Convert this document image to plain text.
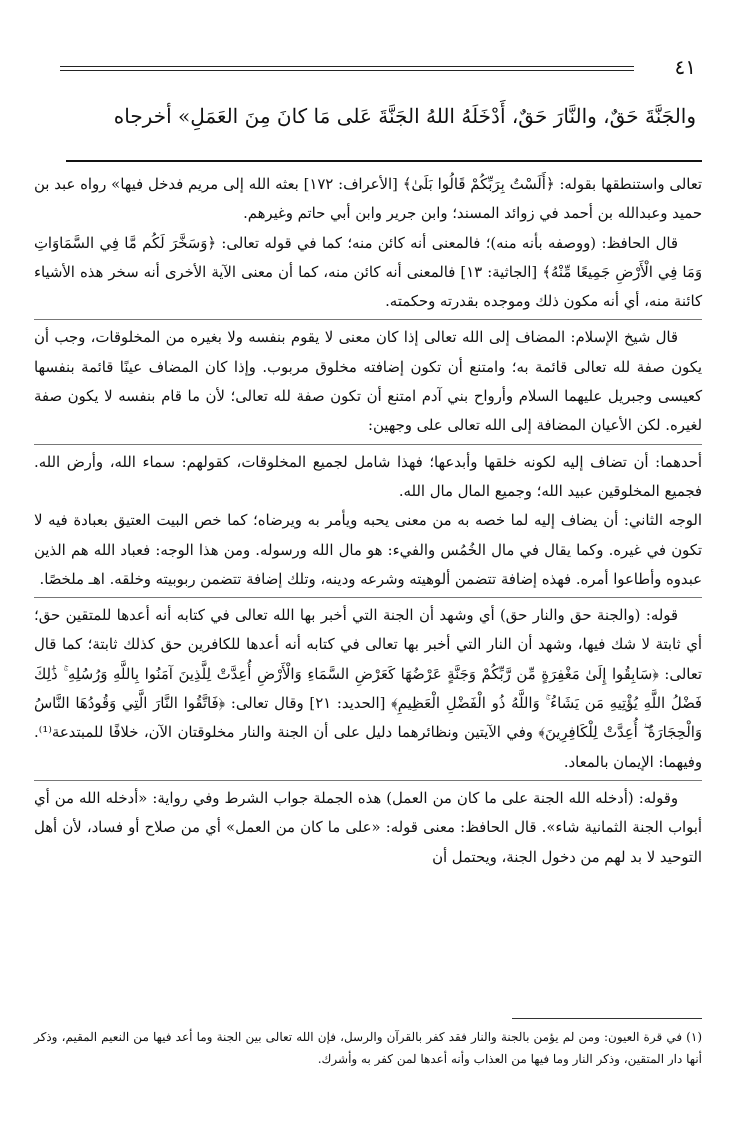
٤١
والجَنَّةَ حَقٌ، والنَّارَ حَقٌ، أَدْخَلَهُ اللهُ الجَنَّةَ عَلى مَا كانَ مِنَ العَمَلِ» أخرجاه

تعالى واستنطقها بقوله: ﴿أَلَسْتُ بِرَبِّكُمْ قَالُوا بَلَىٰ﴾ [الأعراف: ١٧٢] بعثه الله إلى مريم فدخل فيها» رواه عبد بن حميد وعبدالله بن أحمد في زوائد المسند؛ وابن جرير وابن أبي حاتم وغيرهم.

قال الحافظ: (ووصفه بأنه منه)؛ فالمعنى أنه كائن منه؛ كما في قوله تعالى: ﴿وَسَخَّرَ لَكُم مَّا فِي السَّمَاوَاتِ وَمَا فِي الْأَرْضِ جَمِيعًا مِّنْهُ﴾ [الجاثية: ١٣] فالمعنى أنه كائن منه، كما أن معنى الآية الأخرى أنه سخر هذه الأشياء كائنة منه، أي أنه مكون ذلك وموجده بقدرته وحكمته.

قال شيخ الإسلام: المضاف إلى الله تعالى إذا كان معنى لا يقوم بنفسه ولا بغيره من المخلوقات، وجب أن يكون صفة لله تعالى قائمة به؛ وامتنع أن تكون إضافته مخلوق مربوب. وإذا كان المضاف عينًا قائمة بنفسها كعيسى وجبريل عليهما السلام وأرواح بني آدم امتنع أن تكون صفة لله تعالى؛ لأن ما قام بنفسه لا يكون صفة لغيره. لكن الأعيان المضافة إلى الله تعالى على وجهين:

أحدهما: أن تضاف إليه لكونه خلقها وأبدعها؛ فهذا شامل لجميع المخلوقات، كقولهم: سماء الله، وأرض الله. فجميع المخلوقين عبيد الله؛ وجميع المال مال الله.

الوجه الثاني: أن يضاف إليه لما خصه به من معنى يحبه ويأمر به ويرضاه؛ كما خص البيت العتيق بعبادة فيه لا تكون في غيره. وكما يقال في مال الخُمُس والفيء: هو مال الله ورسوله. ومن هذا الوجه: فعباد الله هم الذين عبدوه وأطاعوا أمره. فهذه إضافة تتضمن ألوهيته وشرعه ودينه، وتلك إضافة تتضمن ربوبيته وخلقه. اهـ ملخصًا.

قوله: (والجنة حق والنار حق) أي وشهد أن الجنة التي أخبر بها الله تعالى في كتابه أنه أعدها للمتقين حق؛ أي ثابتة لا شك فيها، وشهد أن النار التي أخبر بها تعالى في كتابه أنه أعدها للكافرين حق كذلك ثابتة؛ كما قال تعالى: ﴿سَابِقُوا إِلَىٰ مَغْفِرَةٍ مِّن رَّبِّكُمْ وَجَنَّةٍ عَرْضُهَا كَعَرْضِ السَّمَاءِ وَالْأَرْضِ أُعِدَّتْ لِلَّذِينَ آمَنُوا بِاللَّهِ وَرُسُلِهِ ۚ ذَٰلِكَ فَضْلُ اللَّهِ يُؤْتِيهِ مَن يَشَاءُ ۚ وَاللَّهُ ذُو الْفَضْلِ الْعَظِيمِ﴾ [الحديد: ٢١] وقال تعالى: ﴿فَاتَّقُوا النَّارَ الَّتِي وَقُودُهَا النَّاسُ وَالْحِجَارَةُ ۖ أُعِدَّتْ لِلْكَافِرِينَ﴾ وفي الآيتين ونظائرهما دليل على أن الجنة والنار مخلوقتان الآن، خلافًا للمبتدعة⁽¹⁾. وفيهما: الإيمان بالمعاد.

وقوله: (أدخله الله الجنة على ما كان من العمل) هذه الجملة جواب الشرط وفي رواية: «أدخله الله من أي أبواب الجنة الثمانية شاء». قال الحافظ: معنى قوله: «على ما كان من العمل» أي من صلاح أو فساد، لأن أهل التوحيد لا بد لهم من دخول الجنة، ويحتمل أن

(١) في قرة العيون: ومن لم يؤمن بالجنة والنار فقد كفر بالقرآن والرسل، فإن الله تعالى بين الجنة وما أعد فيها من النعيم المقيم، وذكر أنها دار المتقين، وذكر النار وما فيها من العذاب وأنه أعدها لمن كفر به وأشرك.
